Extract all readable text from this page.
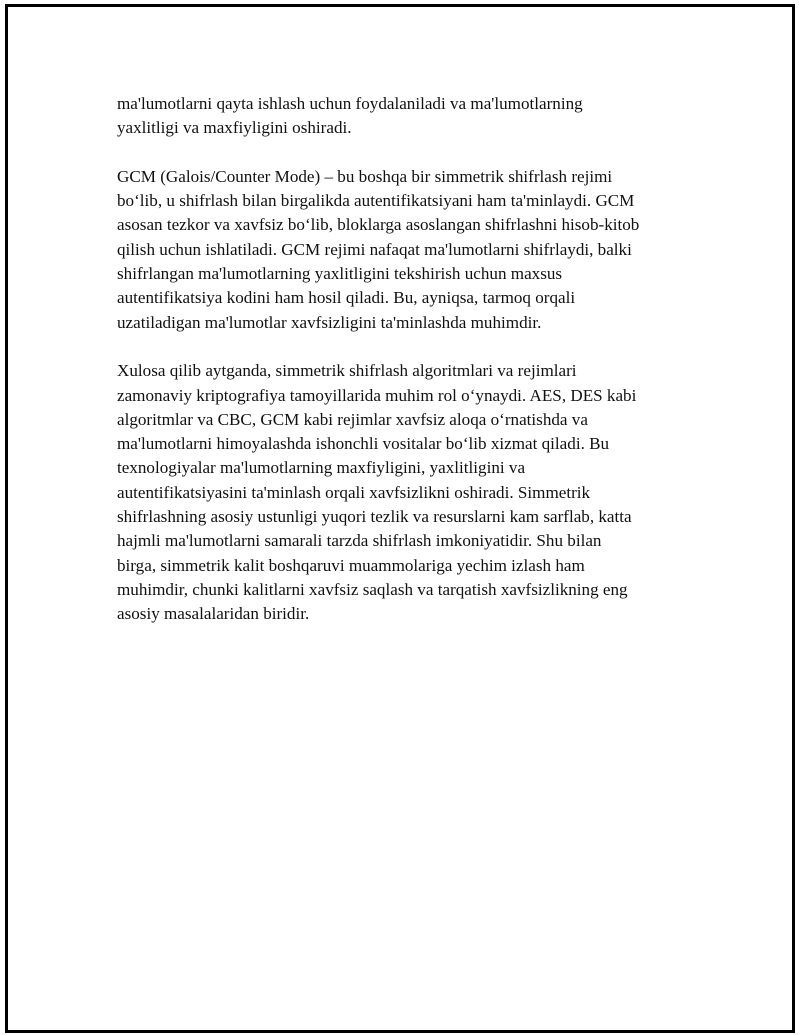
ma'lumotlarni qayta ishlash uchun foydalaniladi va ma'lumotlarning
yaxlitligi va maxfiyligini oshiradi.

GCM (Galois/Counter Mode) – bu boshqa bir simmetrik shifrlash rejimi
bo‘lib, u shifrlash bilan birgalikda autentifikatsiyani ham ta'minlaydi. GCM
asosan tezkor va xavfsiz bo‘lib, bloklarga asoslangan shifrlashni hisob-kitob
qilish uchun ishlatiladi. GCM rejimi nafaqat ma'lumotlarni shifrlaydi, balki
shifrlangan ma'lumotlarning yaxlitligini tekshirish uchun maxsus
autentifikatsiya kodini ham hosil qiladi. Bu, ayniqsa, tarmoq orqali
uzatiladigan ma'lumotlar xavfsizligini ta'minlashda muhimdir.

Xulosa qilib aytganda, simmetrik shifrlash algoritmlari va rejimlari
zamonaviy kriptografiya tamoyillarida muhim rol o‘ynaydi. AES, DES kabi
algoritmlar va CBC, GCM kabi rejimlar xavfsiz aloqa o‘rnatishda va
ma'lumotlarni himoyalashda ishonchli vositalar bo‘lib xizmat qiladi. Bu
texnologiyalar ma'lumotlarning maxfiyligini, yaxlitligini va
autentifikatsiyasini ta'minlash orqali xavfsizlikni oshiradi. Simmetrik
shifrlashning asosiy ustunligi yuqori tezlik va resurslarni kam sarflab, katta
hajmli ma'lumotlarni samarali tarzda shifrlash imkoniyatidir. Shu bilan
birga, simmetrik kalit boshqaruvi muammolariga yechim izlash ham
muhimdir, chunki kalitlarni xavfsiz saqlash va tarqatish xavfsizlikning eng
asosiy masalalaridan biridir.
